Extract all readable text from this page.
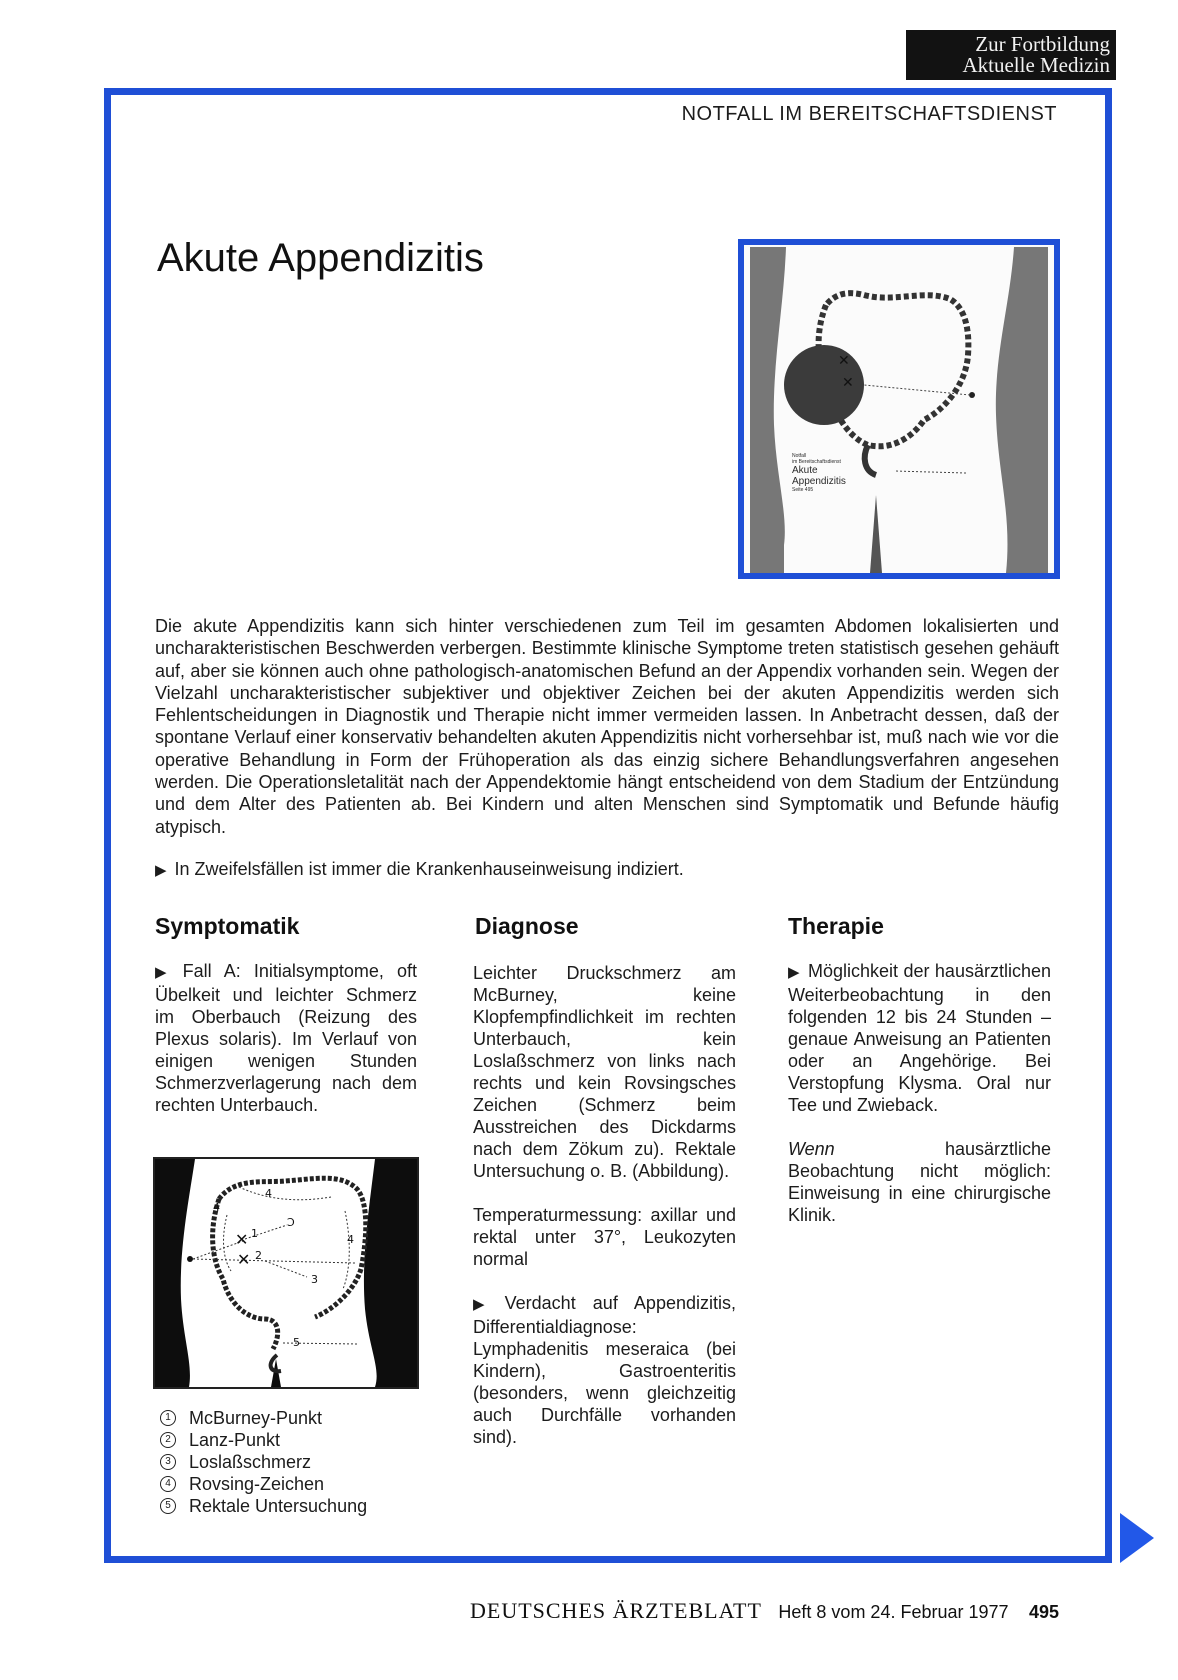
Zur Fortbildung
Aktuelle Medizin
NOTFALL IM BEREITSCHAFTSDIENST
Akute Appendizitis
✕
✕
Notfall
im Bereitschaftsdienst
Akute
Appendizitis
Seite 495

Die akute Appendizitis kann sich hinter verschiedenen zum Teil im gesamten Abdomen lokalisierten und uncharakteristischen Beschwerden verbergen. Bestimmte klinische Symptome treten statistisch gesehen gehäuft auf, aber sie können auch ohne pathologisch-anatomischen Befund an der Appendix vorhanden sein. Wegen der Vielzahl uncharakteristischer subjektiver und objektiver Zeichen bei der akuten Appendizitis werden sich Fehlentscheidungen in Diagnostik und Therapie nicht immer vermeiden lassen. In Anbetracht dessen, daß der spontane Verlauf einer konservativ behandelten akuten Appendizitis nicht vorhersehbar ist, muß nach wie vor die operative Behandlung in Form der Frühoperation als das einzig sichere Behandlungsverfahren angesehen werden. Die Operationsletalität nach der Appendektomie hängt entscheidend von dem Stadium der Entzündung und dem Alter des Patienten ab. Bei Kindern und alten Menschen sind Symptomatik und Befunde häufig atypisch.

▶ In Zweifelsfällen ist immer die Krankenhauseinweisung indiziert.

Symptomatik	Diagnose	Therapie

▶ Fall A: Initialsymptome, oft Übelkeit und leichter Schmerz im Oberbauch (Reizung des Plexus solaris). Im Verlauf von einigen wenigen Stunden Schmerzverlagerung nach dem rechten Unterbauch.

Leichter Druckschmerz am McBurney, keine Klopfempfindlichkeit im rechten Unterbauch, kein Loslaßschmerz von links nach rechts und kein Rovsingsches Zeichen (Schmerz beim Ausstreichen des Dickdarms nach dem Zökum zu). Rektale Untersuchung o. B. (Abbildung).

Temperaturmessung: axillar und rektal unter 37°, Leukozyten normal

▶ Verdacht auf Appendizitis, Differentialdiagnose: Lymphadenitis meseraica (bei Kindern), Gastroenteritis (besonders, wenn gleichzeitig auch Durchfälle vorhanden sind).

▶ Möglichkeit der hausärztlichen Weiterbeobachtung in den folgenden 12 bis 24 Stunden – genaue Anweisung an Patienten oder an Angehörige. Bei Verstopfung Klysma. Oral nur Tee und Zwieback.

Wenn hausärztliche Beobachtung nicht möglich: Einweisung in eine chirurgische Klinik.

✕
✕
Ↄ
1
2
3
4
4
4
5
1 McBurney-Punkt
2 Lanz-Punkt
3 Loslaßschmerz
4 Rovsing-Zeichen
5 Rektale Untersuchung
DEUTSCHES ÄRZTEBLATT Heft 8 vom 24. Februar 1977 495
